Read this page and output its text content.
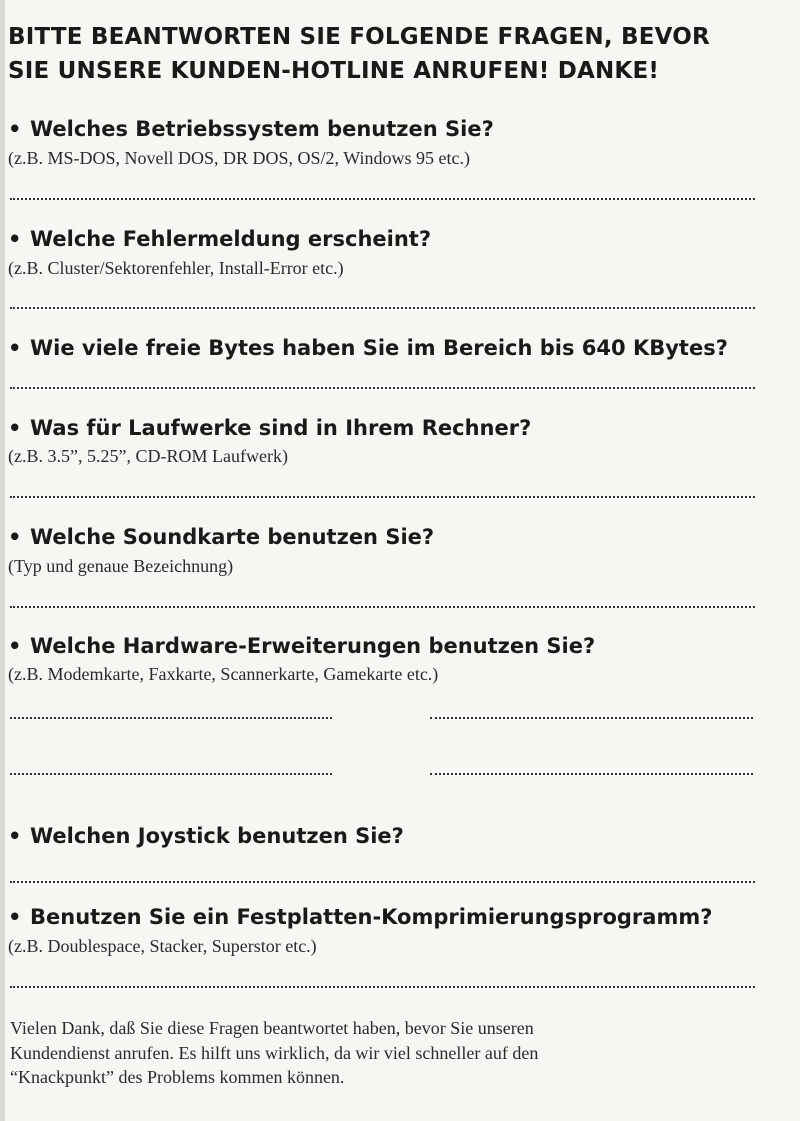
BITTE BEANTWORTEN SIE FOLGENDE FRAGEN, BEVOR
SIE UNSERE KUNDEN-HOTLINE ANRUFEN! DANKE!

• Welches Betriebssystem benutzen Sie?

(z.B. MS-DOS, Novell DOS, DR DOS, OS/2, Windows 95 etc.)

• Welche Fehlermeldung erscheint?

(z.B. Cluster/Sektorenfehler, Install-Error etc.)

• Wie viele freie Bytes haben Sie im Bereich bis 640 KBytes?

• Was für Laufwerke sind in Ihrem Rechner?

(z.B. 3.5”, 5.25”, CD-ROM Laufwerk)

• Welche Soundkarte benutzen Sie?

(Typ und genaue Bezeichnung)

• Welche Hardware-Erweiterungen benutzen Sie?

(z.B. Modemkarte, Faxkarte, Scannerkarte, Gamekarte etc.)

• Welchen Joystick benutzen Sie?

• Benutzen Sie ein Festplatten-Komprimierungsprogramm?

(z.B. Doublespace, Stacker, Superstor etc.)

Vielen Dank, daß Sie diese Fragen beantwortet haben, bevor Sie unseren
Kundendienst anrufen. Es hilft uns wirklich, da wir viel schneller auf den
“Knackpunkt” des Problems kommen können.
